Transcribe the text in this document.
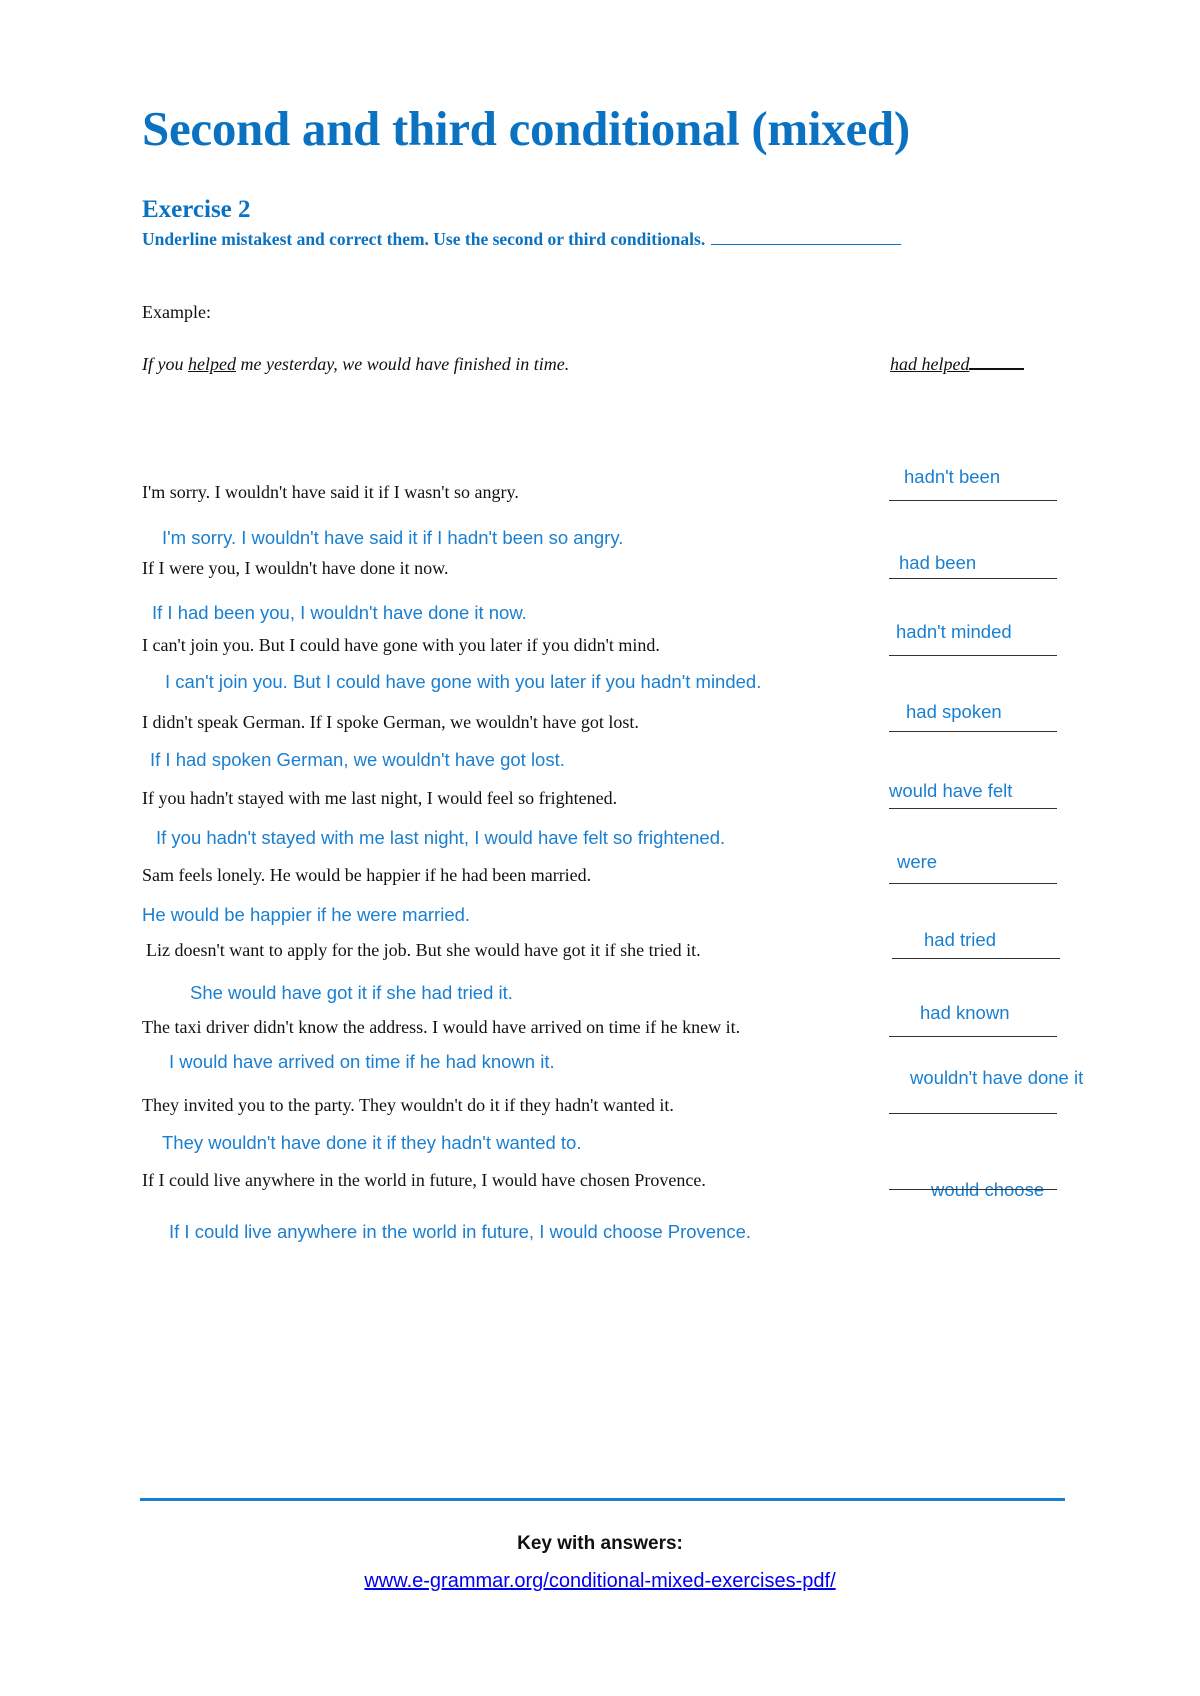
Second and third conditional (mixed)
Exercise 2
Underline mistakest and correct them. Use the second or third conditionals.
Example:
If you helped me yesterday, we would have finished in time.	had helped
hadn't been
I'm sorry. I wouldn't have said it if I wasn't so angry.
I'm sorry. I wouldn't have said it if I hadn't been so angry.
had been
If I were you, I wouldn't have done it now.
If I had been you, I wouldn't have done it now.
hadn't minded
I can't join you. But I could have gone with you later if you didn't mind.
I can't join you. But I could have gone with you later if you hadn't minded.
had spoken
I didn't speak German. If I spoke German, we wouldn't have got lost.
If I had spoken German, we wouldn't have got lost.
would have felt
If you hadn't stayed with me last night, I would feel so frightened.
If you hadn't stayed with me last night, I would have felt so frightened.
were
Sam feels lonely. He would be happier if he had been married.
He would be happier if he were married.
had tried
Liz doesn't want to apply for the job. But she would have got it if she tried it.
She would have got it if she had tried it.
had known
The taxi driver didn't know the address. I would have arrived on time if he knew it.
I would have arrived on time if he had known it.
wouldn't have done it
They invited you to the party. They wouldn't do it if they hadn't wanted it.
They wouldn't have done it if they hadn't wanted to.
would choose
If I could live anywhere in the world in future, I would have chosen Provence.
If I could live anywhere in the world in future, I would choose Provence.
Key with answers:
www.e-grammar.org/conditional-mixed-exercises-pdf/
